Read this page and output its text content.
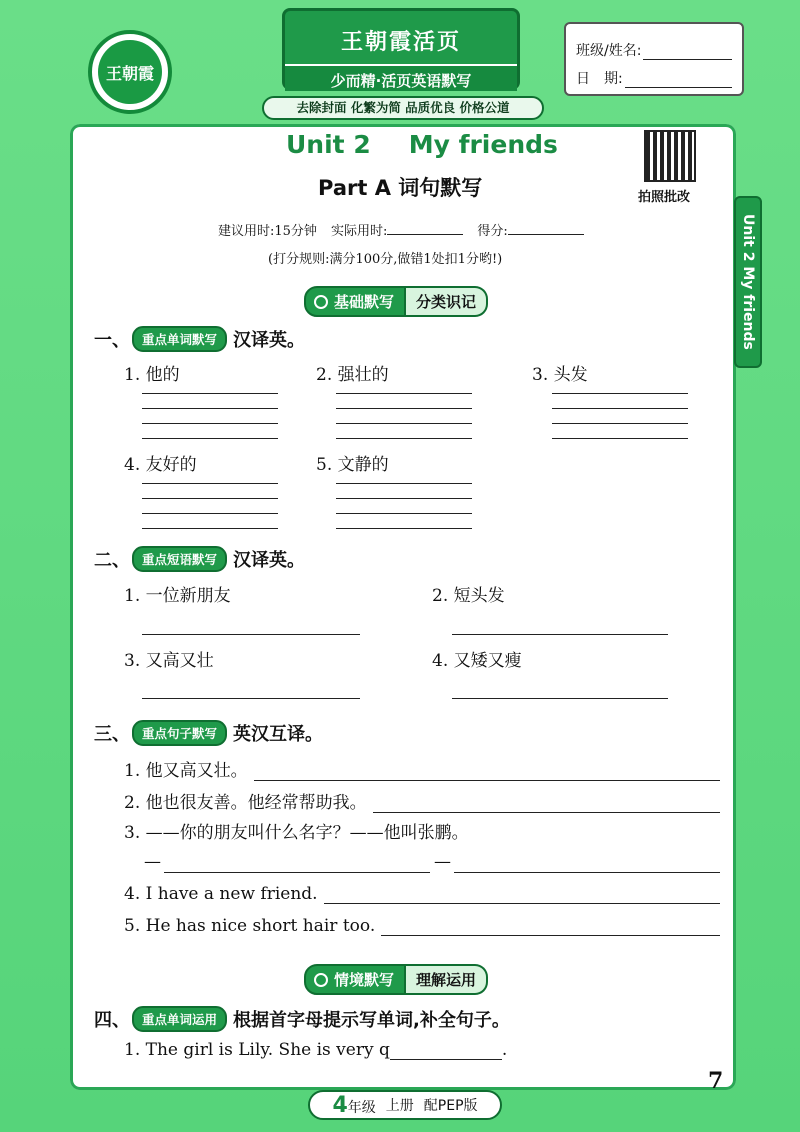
王朝霞
王朝霞活页
少而精·活页英语默写
去除封面 化繁为简 品质优良 价格公道
班级/姓名:
日　期:
Unit 2 My friends
拍照批改
Unit 2 My friends
Part A 词句默写
建议用时:15分钟 实际用时:	得分:
(打分规则:满分100分,做错1处扣1分哟!)
基础默写	分类识记
一、 重点单词默写 汉译英。
1. 他的	2. 强壮的	3. 头发
4. 友好的	5. 文静的
二、 重点短语默写 汉译英。
1. 一位新朋友	2. 短头发
3. 又高又壮	4. 又矮又瘦
三、 重点句子默写 英汉互译。
1. 他又高又壮。
2. 他也很友善。他经常帮助我。
3. ——你的朋友叫什么名字？——他叫张鹏。
—	—
4. I have a new friend.
5. He has nice short hair too.
情境默写	理解运用
四、 重点单词运用 根据首字母提示写单词,补全句子。
1. The girl is Lily. She is very q	.
7
4年级 上册 配PEP版
